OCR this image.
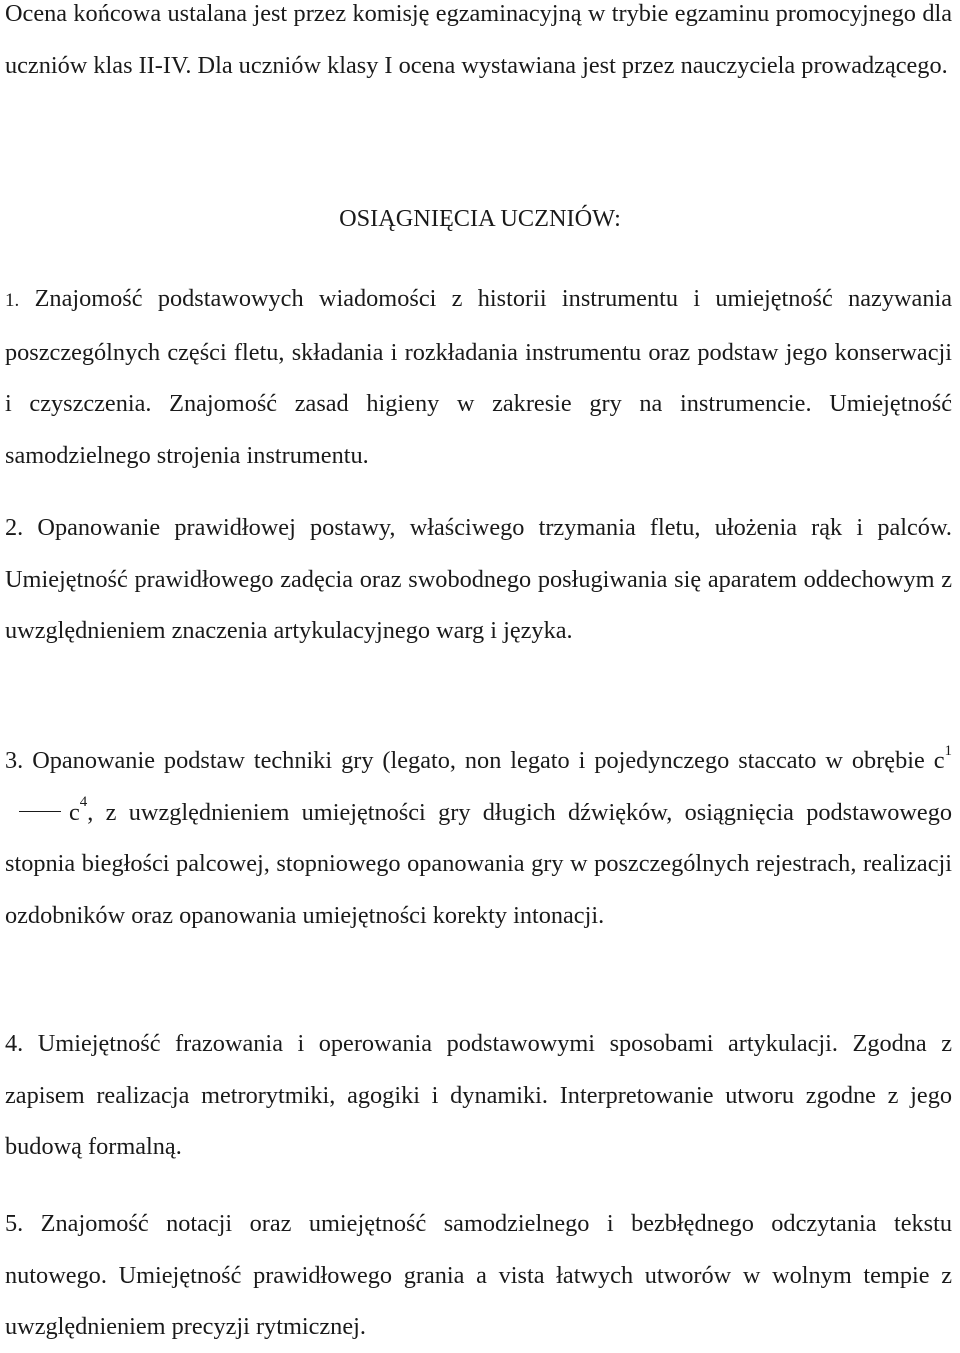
Ocena końcowa ustalana jest przez komisję egzaminacyjną w trybie egzaminu promocyjnego dla uczniów klas II-IV. Dla uczniów klasy I ocena wystawiana jest przez nauczyciela prowadzącego.

OSIĄGNIĘCIA UCZNIÓW:

1. Znajomość podstawowych wiadomości z historii instrumentu i umiejętność nazywania poszczególnych części fletu, składania i rozkładania instrumentu oraz podstaw jego konserwacji i czyszczenia. Znajomość zasad higieny w zakresie gry na instrumencie. Umiejętność samodzielnego strojenia instrumentu.

2. Opanowanie prawidłowej postawy, właściwego trzymania fletu, ułożenia rąk i palców. Umiejętność prawidłowego zadęcia oraz swobodnego posługiwania się aparatem oddechowym z uwzględnieniem znaczenia artykulacyjnego warg i języka.

3. Opanowanie podstaw techniki gry (legato, non legato i pojedynczego staccato w obrębie $c^1c^4$, z uwzględnieniem umiejętności gry długich dźwięków, osiągnięcia podstawowego stopnia biegłości palcowej, stopniowego opanowania gry w poszczególnych rejestrach, realizacji ozdobników oraz opanowania umiejętności korekty intonacji.

4. Umiejętność frazowania i operowania podstawowymi sposobami artykulacji. Zgodna z zapisem realizacja metrorytmiki, agogiki i dynamiki. Interpretowanie utworu zgodne z jego budową formalną.

5. Znajomość notacji oraz umiejętność samodzielnego i bezbłędnego odczytania tekstu nutowego. Umiejętność prawidłowego grania a vista łatwych utworów w wolnym tempie z uwzględnieniem precyzji rytmicznej.
